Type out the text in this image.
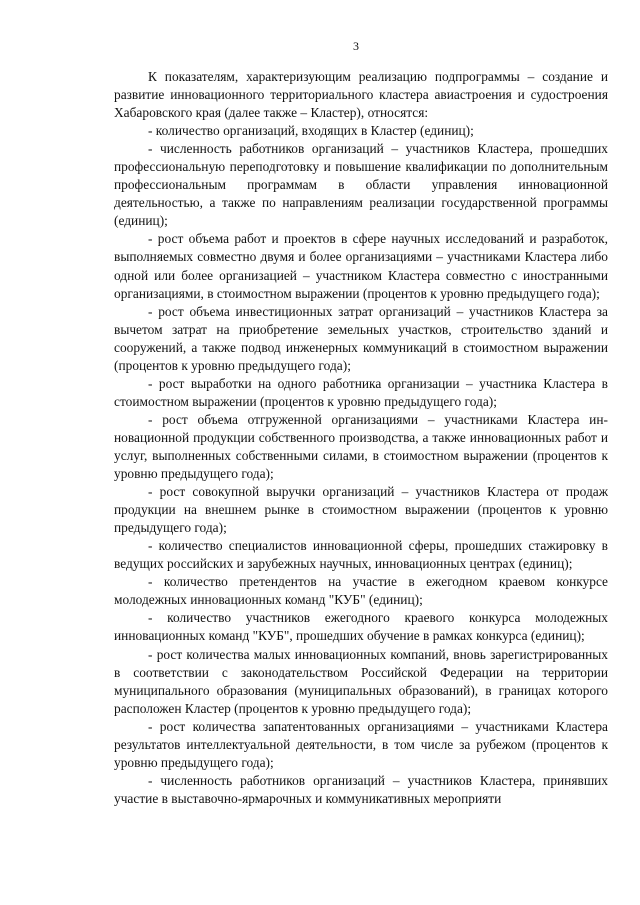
3

К показателям, характеризующим реализацию подпрограммы – создание и развитие инновационного территориального кластера авиастроения и судостроения Хабаровского края (далее также – Кластер), относятся:

- количество организаций, входящих в Кластер (единиц);

- численность работников организаций – участников Кластера, прошедших профессиональную переподготовку и повышение квалификации по дополнительным профессиональным программам в области управления инновационной деятельностью, а также по направлениям реализации государственной программы (единиц);

- рост объема работ и проектов в сфере научных исследований и разработок, выполняемых совместно двумя и более организациями – участниками Кластера либо одной или более организацией – участником Кластера совместно с иностранными организациями, в стоимостном выражении (процентов к уровню предыдущего года);

- рост объема инвестиционных затрат организаций – участников Кластера за вычетом затрат на приобретение земельных участков, строительство зданий и сооружений, а также подвод инженерных коммуникаций в стоимостном выражении (процентов к уровню предыдущего года);

- рост выработки на одного работника организации – участника Кластера в стоимостном выражении (процентов к уровню предыдущего года);

- рост объема отгруженной организациями – участниками Кластера инновационной продукции собственного производства, а также инновационных работ и услуг, выполненных собственными силами, в стоимостном выражении (процентов к уровню предыдущего года);

- рост совокупной выручки организаций – участников Кластера от продаж продукции на внешнем рынке в стоимостном выражении (процентов к уровню предыдущего года);

- количество специалистов инновационной сферы, прошедших стажировку в ведущих российских и зарубежных научных, инновационных центрах (единиц);

- количество претендентов на участие в ежегодном краевом конкурсе молодежных инновационных команд "КУБ" (единиц);

- количество участников ежегодного краевого конкурса молодежных инновационных команд "КУБ", прошедших обучение в рамках конкурса (единиц);

- рост количества малых инновационных компаний, вновь зарегистрированных в соответствии с законодательством Российской Федерации на территории муниципального образования (муниципальных образований), в границах которого расположен Кластер (процентов к уровню предыдущего года);

- рост количества запатентованных организациями – участниками Кластера результатов интеллектуальной деятельности, в том числе за рубежом (процентов к уровню предыдущего года);

- численность работников организаций – участников Кластера, принявших участие в выставочно-ярмарочных и коммуникативных мероприяти
